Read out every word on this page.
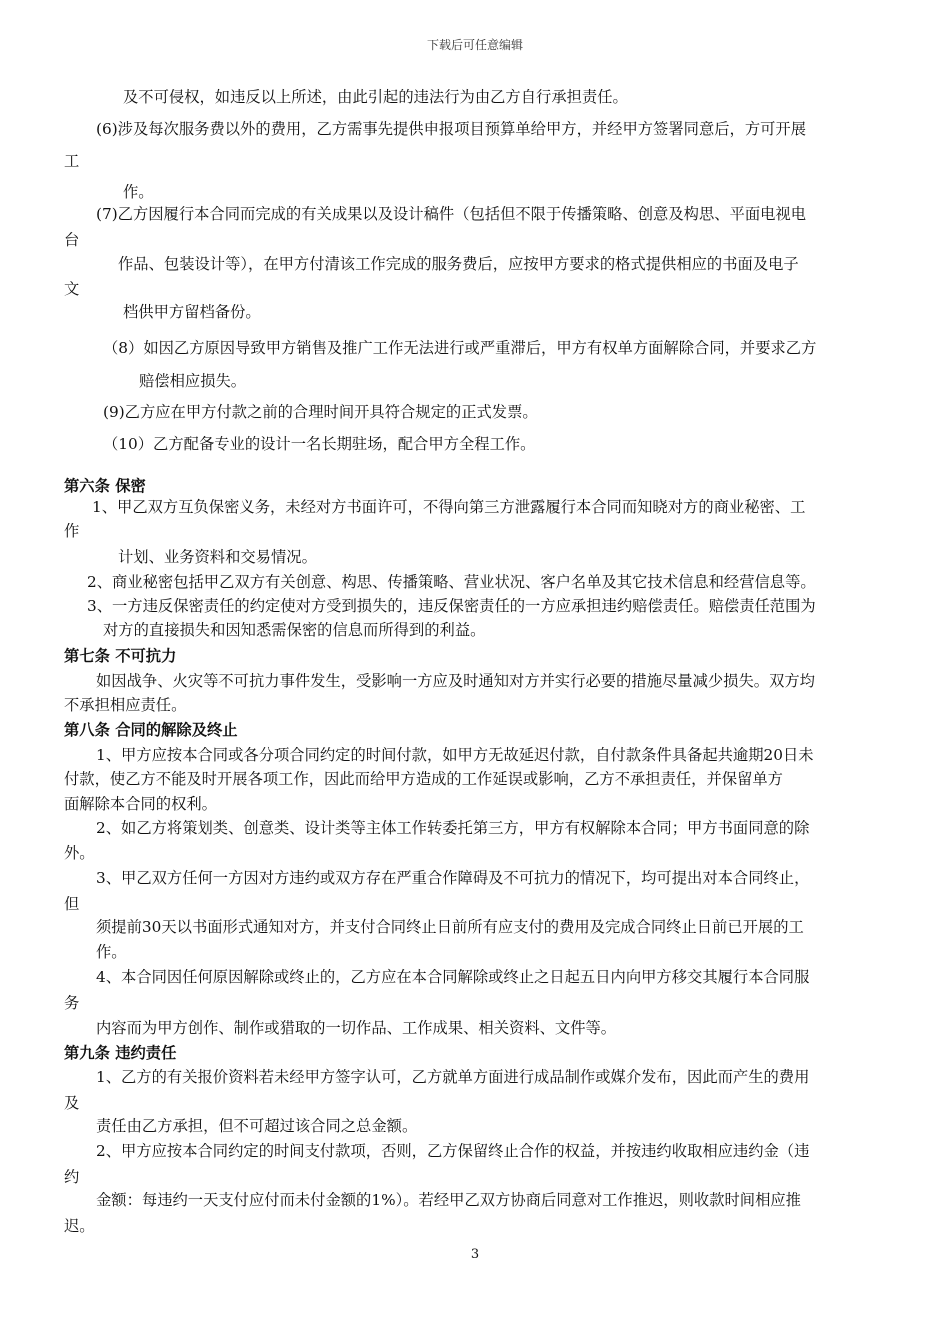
下载后可任意编辑
及不可侵权，如违反以上所述，由此引起的违法行为由乙方自行承担责任。
(6)涉及每次服务费以外的费用，乙方需事先提供申报项目预算单给甲方，并经甲方签署同意后，方可开展
工
作。
(7)乙方因履行本合同而完成的有关成果以及设计稿件（包括但不限于传播策略、创意及构思、平面电视电
台
作品、包装设计等），在甲方付清该工作完成的服务费后，应按甲方要求的格式提供相应的书面及电子
文
档供甲方留档备份。
（8）如因乙方原因导致甲方销售及推广工作无法进行或严重滞后，甲方有权单方面解除合同，并要求乙方
赔偿相应损失。
(9)乙方应在甲方付款之前的合理时间开具符合规定的正式发票。
（10）乙方配备专业的设计一名长期驻场，配合甲方全程工作。
第六条 保密
1、甲乙双方互负保密义务，未经对方书面许可，不得向第三方泄露履行本合同而知晓对方的商业秘密、工
作
计划、业务资料和交易情况。
2、商业秘密包括甲乙双方有关创意、构思、传播策略、营业状况、客户名单及其它技术信息和经营信息等。
3、一方违反保密责任的约定使对方受到损失的，违反保密责任的一方应承担违约赔偿责任。赔偿责任范围为
对方的直接损失和因知悉需保密的信息而所得到的利益。
第七条 不可抗力
如因战争、火灾等不可抗力事件发生，受影响一方应及时通知对方并实行必要的措施尽量减少损失。双方均
不承担相应责任。
第八条 合同的解除及终止
1、甲方应按本合同或各分项合同约定的时间付款，如甲方无故延迟付款，自付款条件具备起共逾期20日未
付款，使乙方不能及时开展各项工作，因此而给甲方造成的工作延误或影响，乙方不承担责任，并保留单方
面解除本合同的权利。
2、如乙方将策划类、创意类、设计类等主体工作转委托第三方，甲方有权解除本合同；甲方书面同意的除
外。
3、甲乙双方任何一方因对方违约或双方存在严重合作障碍及不可抗力的情况下，均可提出对本合同终止，
但
须提前30天以书面形式通知对方，并支付合同终止日前所有应支付的费用及完成合同终止日前已开展的工
作。
4、本合同因任何原因解除或终止的，乙方应在本合同解除或终止之日起五日内向甲方移交其履行本合同服
务
内容而为甲方创作、制作或猎取的一切作品、工作成果、相关资料、文件等。
第九条 违约责任
1、乙方的有关报价资料若未经甲方签字认可，乙方就单方面进行成品制作或媒介发布，因此而产生的费用
及
责任由乙方承担，但不可超过该合同之总金额。
2、甲方应按本合同约定的时间支付款项，否则，乙方保留终止合作的权益，并按违约收取相应违约金（违
约
金额：每违约一天支付应付而未付金额的1%）。若经甲乙双方协商后同意对工作推迟，则收款时间相应推
迟。
3
